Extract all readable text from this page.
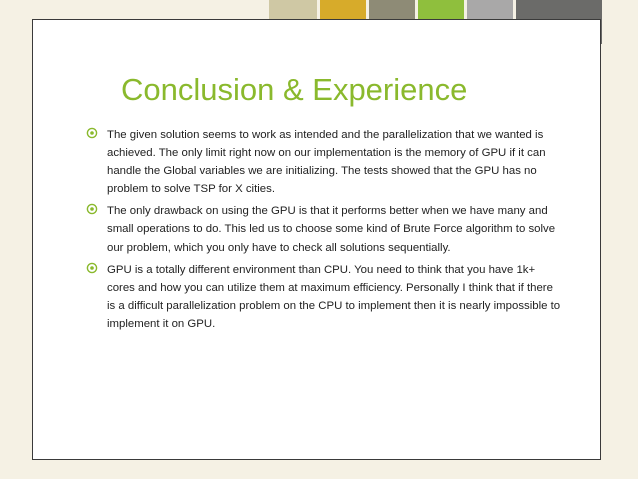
Conclusion & Experience
The given solution seems to work as intended and the parallelization that we wanted is achieved. The only limit right now on our implementation is the memory of GPU if it can handle the Global variables we are initializing. The tests showed that the GPU has no problem to solve TSP for X cities.
The only drawback on using the GPU is that it performs better when we have many and small operations to do. This led us to choose some kind of Brute Force algorithm to solve our problem, which you only have to check all solutions sequentially.
GPU is a totally different environment than CPU. You need to think that you have 1k+ cores and how you can utilize them at maximum efficiency. Personally I think that if there is a difficult parallelization problem on the CPU to implement then it is nearly impossible to implement it on GPU.
